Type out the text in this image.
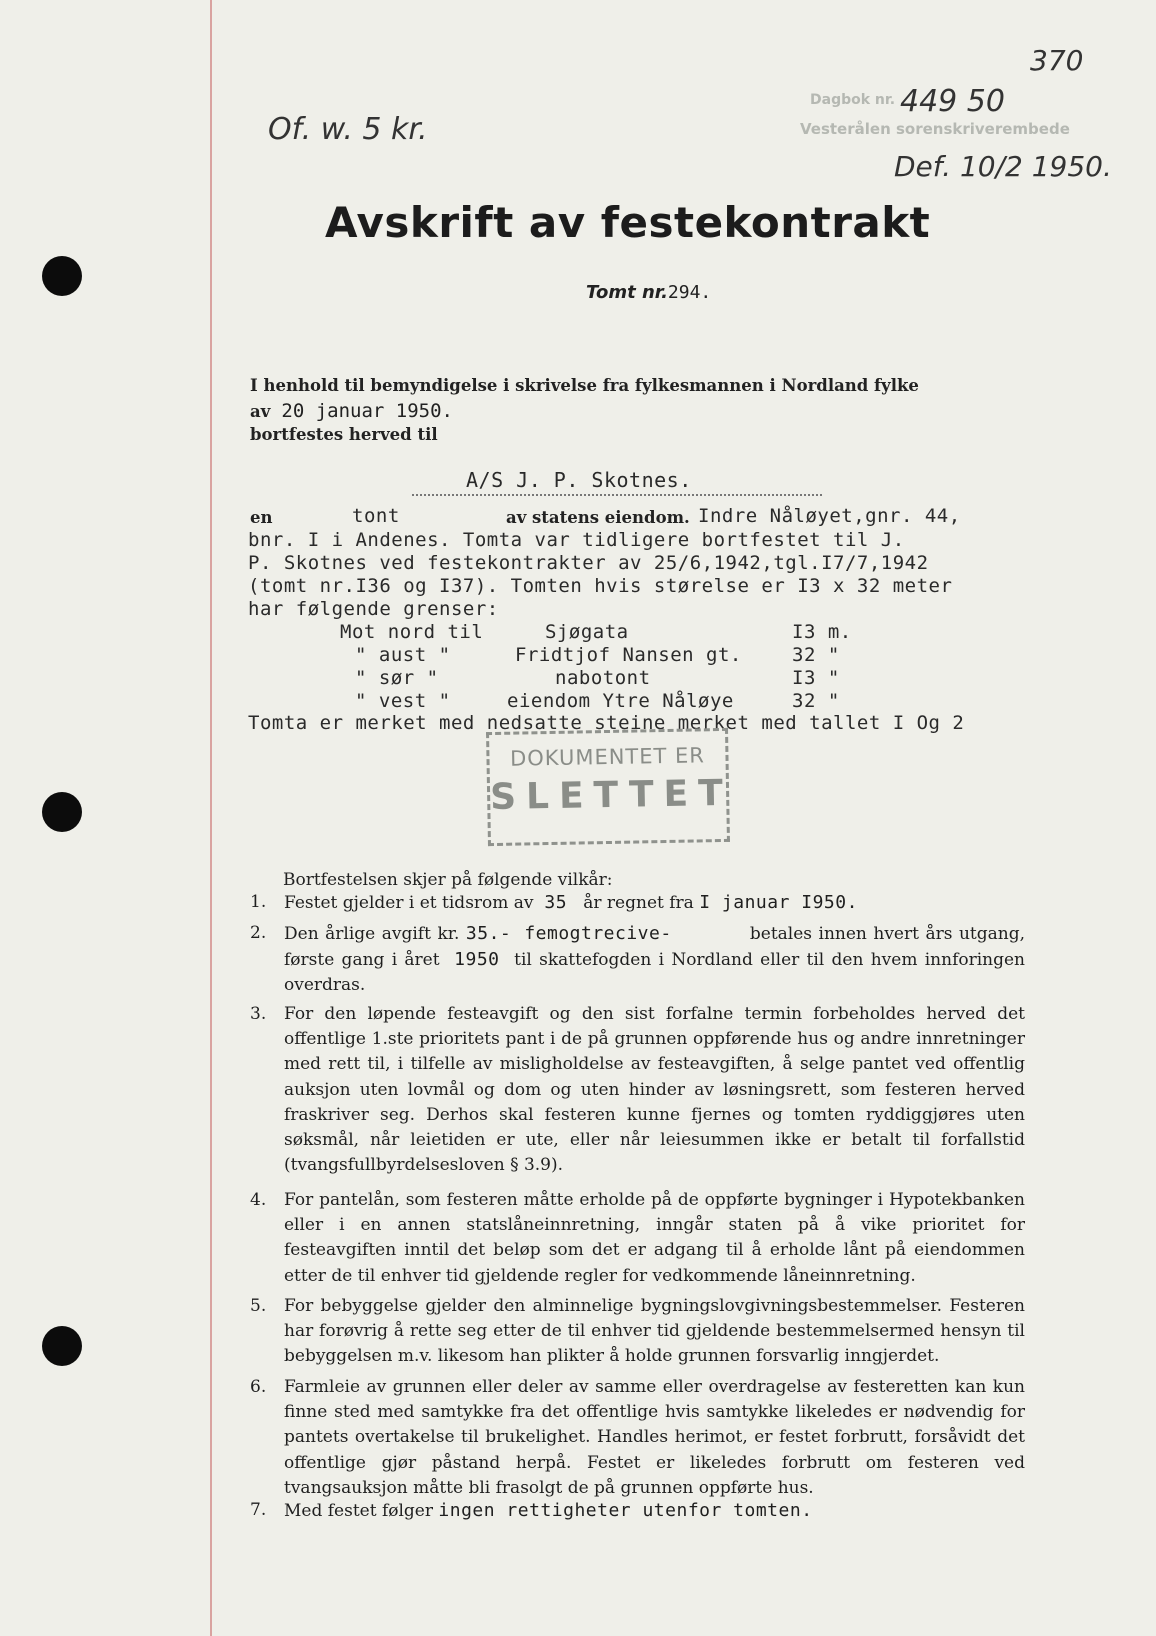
Of. w. 5 kr.
370
Dagbok nr.
Vesterålen sorenskriverembede
449 50
Def. 10/2 1950.
Avskrift av festekontrakt
Tomt nr.294.
I henhold til bemyndigelse i skrivelse fra fylkesmannen i Nordland fylke
av 20 januar 1950.
bortfestes herved til
A/S J. P. Skotnes.
en	tont	av statens eiendom. Indre Nåløyet,gnr. 44,
bnr. I i Andenes. Tomta var tidligere bortfestet til J.
P. Skotnes ved festekontrakter av 25/6,1942,tgl.I7/7,1942
(tomt nr.I36 og I37). Tomten hvis størelse er I3 x 32 meter
har følgende grenser:
Mot nord til	Sjøgata	I3 m.
" aust "	Fridtjof Nansen gt.	32 "
" sør "	nabotont	I3 "
" vest "	eiendom Ytre Nåløye	32 "
Tomta er merket med nedsatte steine merket med tallet I Og 2
DOKUMENTET ER
SLETTET
Bortfestelsen skjer på følgende vilkår:
1. Festet gjelder i et tidsrom av 35 år regnet fra I januar I950.
2. Den årlige avgift kr. 35.- femogtrecive-	betales innen hvert års utgang, første gang i året 1950 til skattefogden i Nordland eller til den hvem innforingen overdras.
3. For den løpende festeavgift og den sist forfalne termin forbeholdes herved det offentlige 1.ste prioritets pant i de på grunnen oppførende hus og andre innretninger med rett til, i tilfelle av misligholdelse av festeavgiften, å selge pantet ved offentlig auksjon uten lovmål og dom og uten hinder av løsningsrett, som festeren herved fraskriver seg. Derhos skal festeren kunne fjernes og tomten ryddiggjøres uten søksmål, når leietiden er ute, eller når leiesummen ikke er betalt til forfallstid (tvangsfullbyrdelsesloven § 3.9).
4. For pantelån, som festeren måtte erholde på de oppførte bygninger i Hypotekbanken eller i en annen statslåneinnretning, inngår staten på å vike prioritet for festeavgiften inntil det beløp som det er adgang til å erholde lånt på eiendommen etter de til enhver tid gjeldende regler for vedkommende låneinnretning.
5. For bebyggelse gjelder den alminnelige bygningslovgivningsbestemmelser. Festeren har forøvrig å rette seg etter de til enhver tid gjeldende bestemmelsermed hensyn til bebyggelsen m.v. likesom han plikter å holde grunnen forsvarlig inngjerdet.
6. Farmleie av grunnen eller deler av samme eller overdragelse av festeretten kan kun finne sted med samtykke fra det offentlige hvis samtykke likeledes er nødvendig for pantets overtakelse til brukelighet. Handles herimot, er festet forbrutt, forsåvidt det offentlige gjør påstand herpå. Festet er likeledes forbrutt om festeren ved tvangsauksjon måtte bli frasolgt de på grunnen oppførte hus.
7. Med festet følger ingen rettigheter utenfor tomten.
